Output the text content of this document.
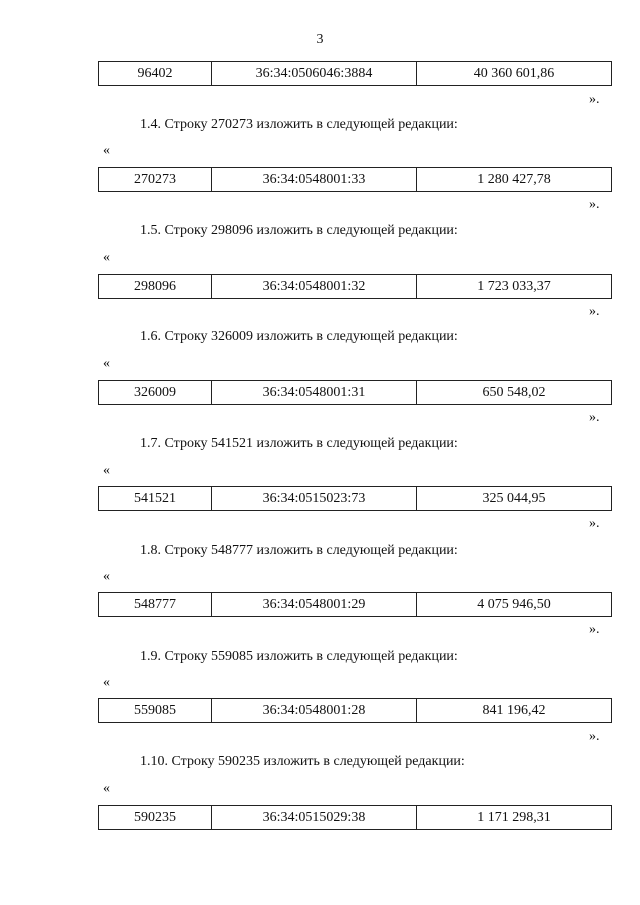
3
96402	36:34:0506046:3884	40 360 601,86
».
1.4. Строку 270273 изложить в следующей редакции:
«
270273	36:34:0548001:33	1 280 427,78
».
1.5. Строку 298096 изложить в следующей редакции:
«
298096	36:34:0548001:32	1 723 033,37
».
1.6. Строку 326009 изложить в следующей редакции:
«
326009	36:34:0548001:31	650 548,02
».
1.7. Строку 541521 изложить в следующей редакции:
«
541521	36:34:0515023:73	325 044,95
».
1.8. Строку 548777 изложить в следующей редакции:
«
548777	36:34:0548001:29	4 075 946,50
».
1.9. Строку 559085 изложить в следующей редакции:
«
559085	36:34:0548001:28	841 196,42
».
1.10. Строку 590235 изложить в следующей редакции:
«
590235	36:34:0515029:38	1 171 298,31
